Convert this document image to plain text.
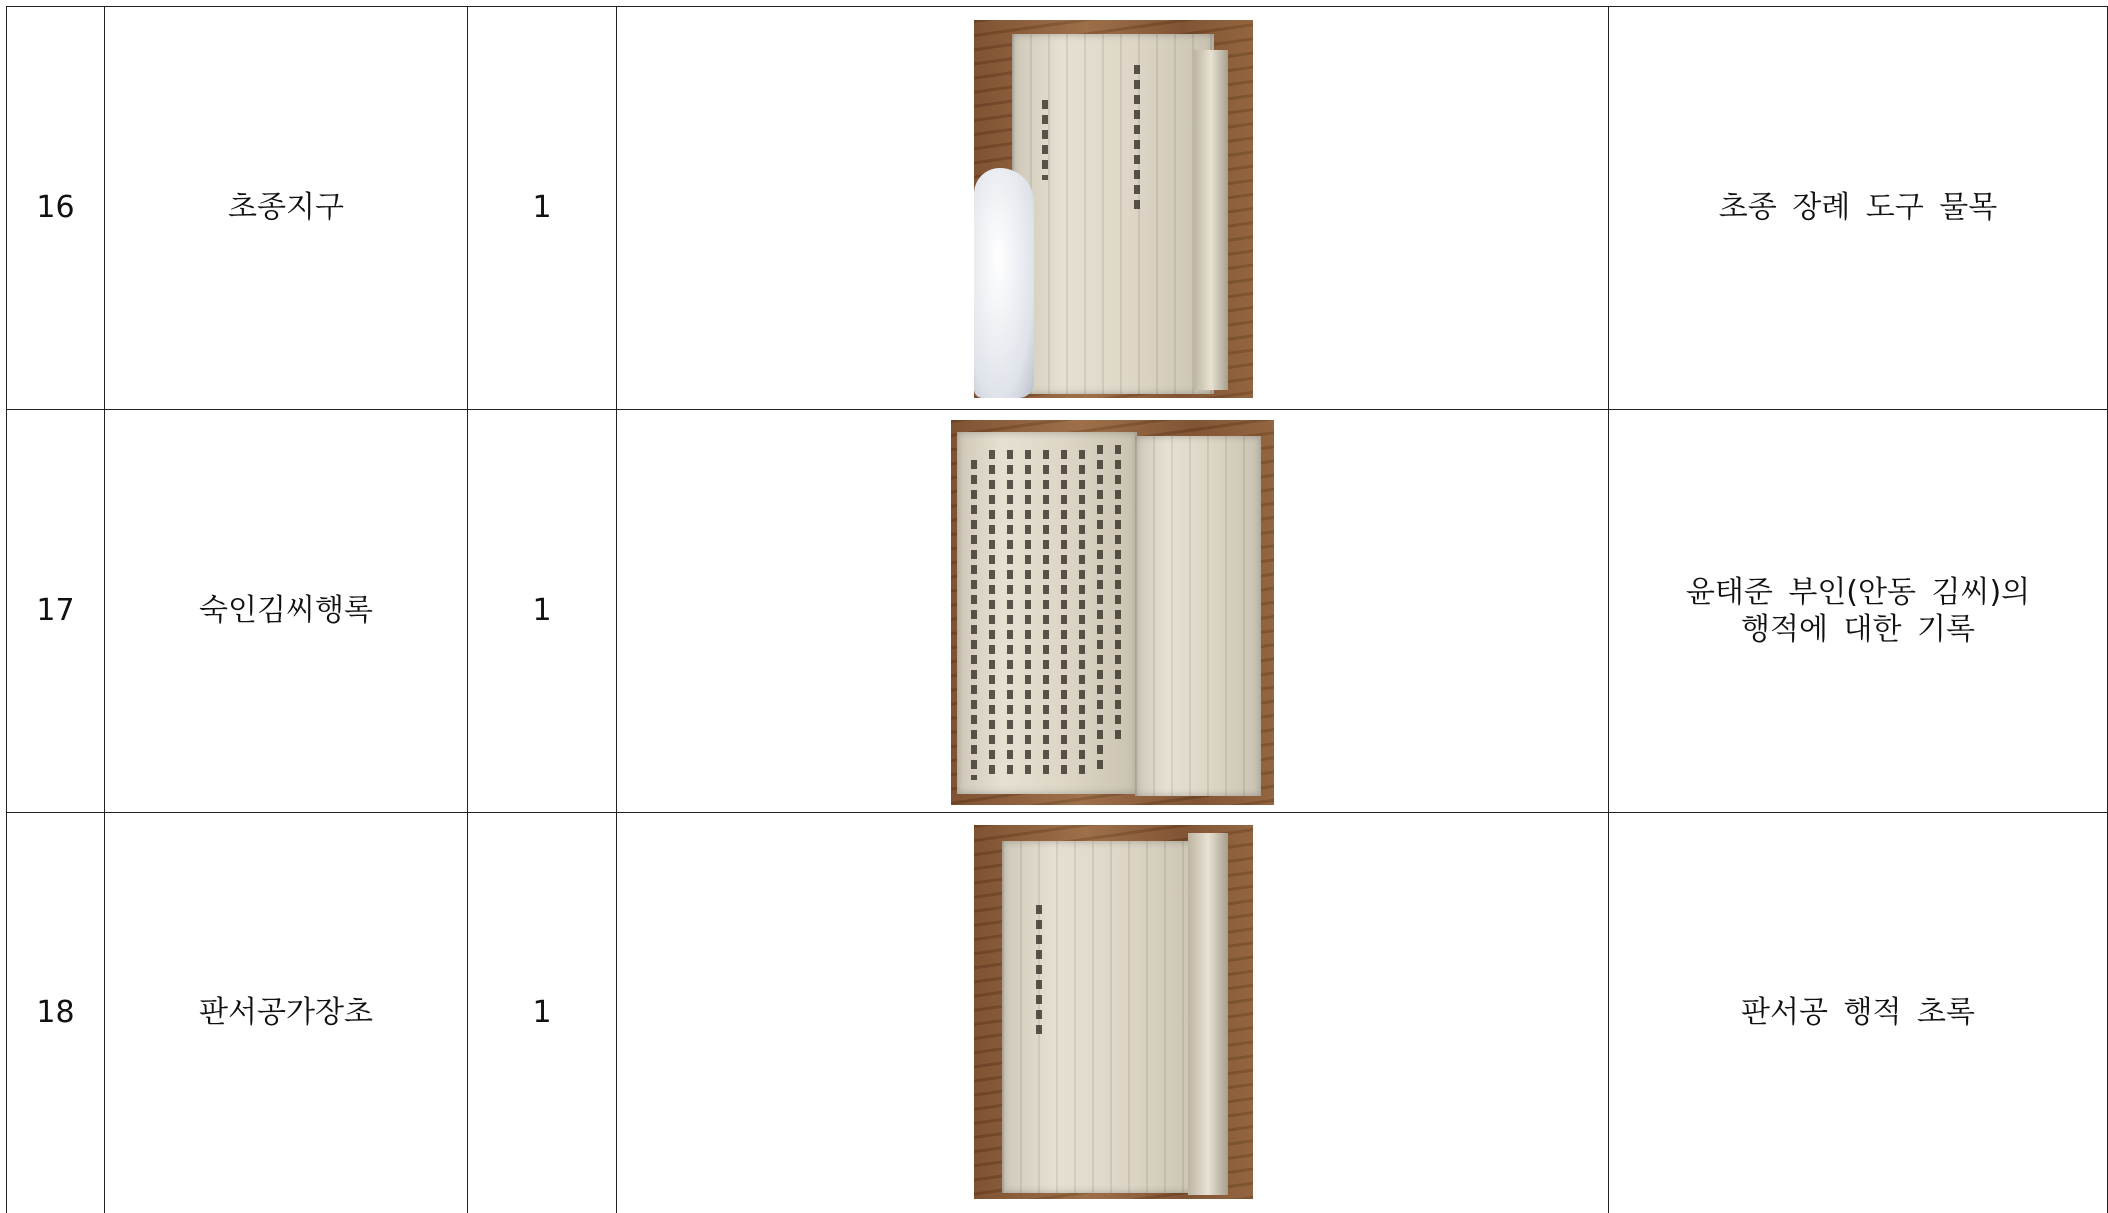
16	초종지구	1		초종 장례 도구 물목
17	숙인김씨행록	1		윤태준 부인(안동 김씨)의 행적에 대한 기록
18	판서공가장초	1		판서공 행적 초록
